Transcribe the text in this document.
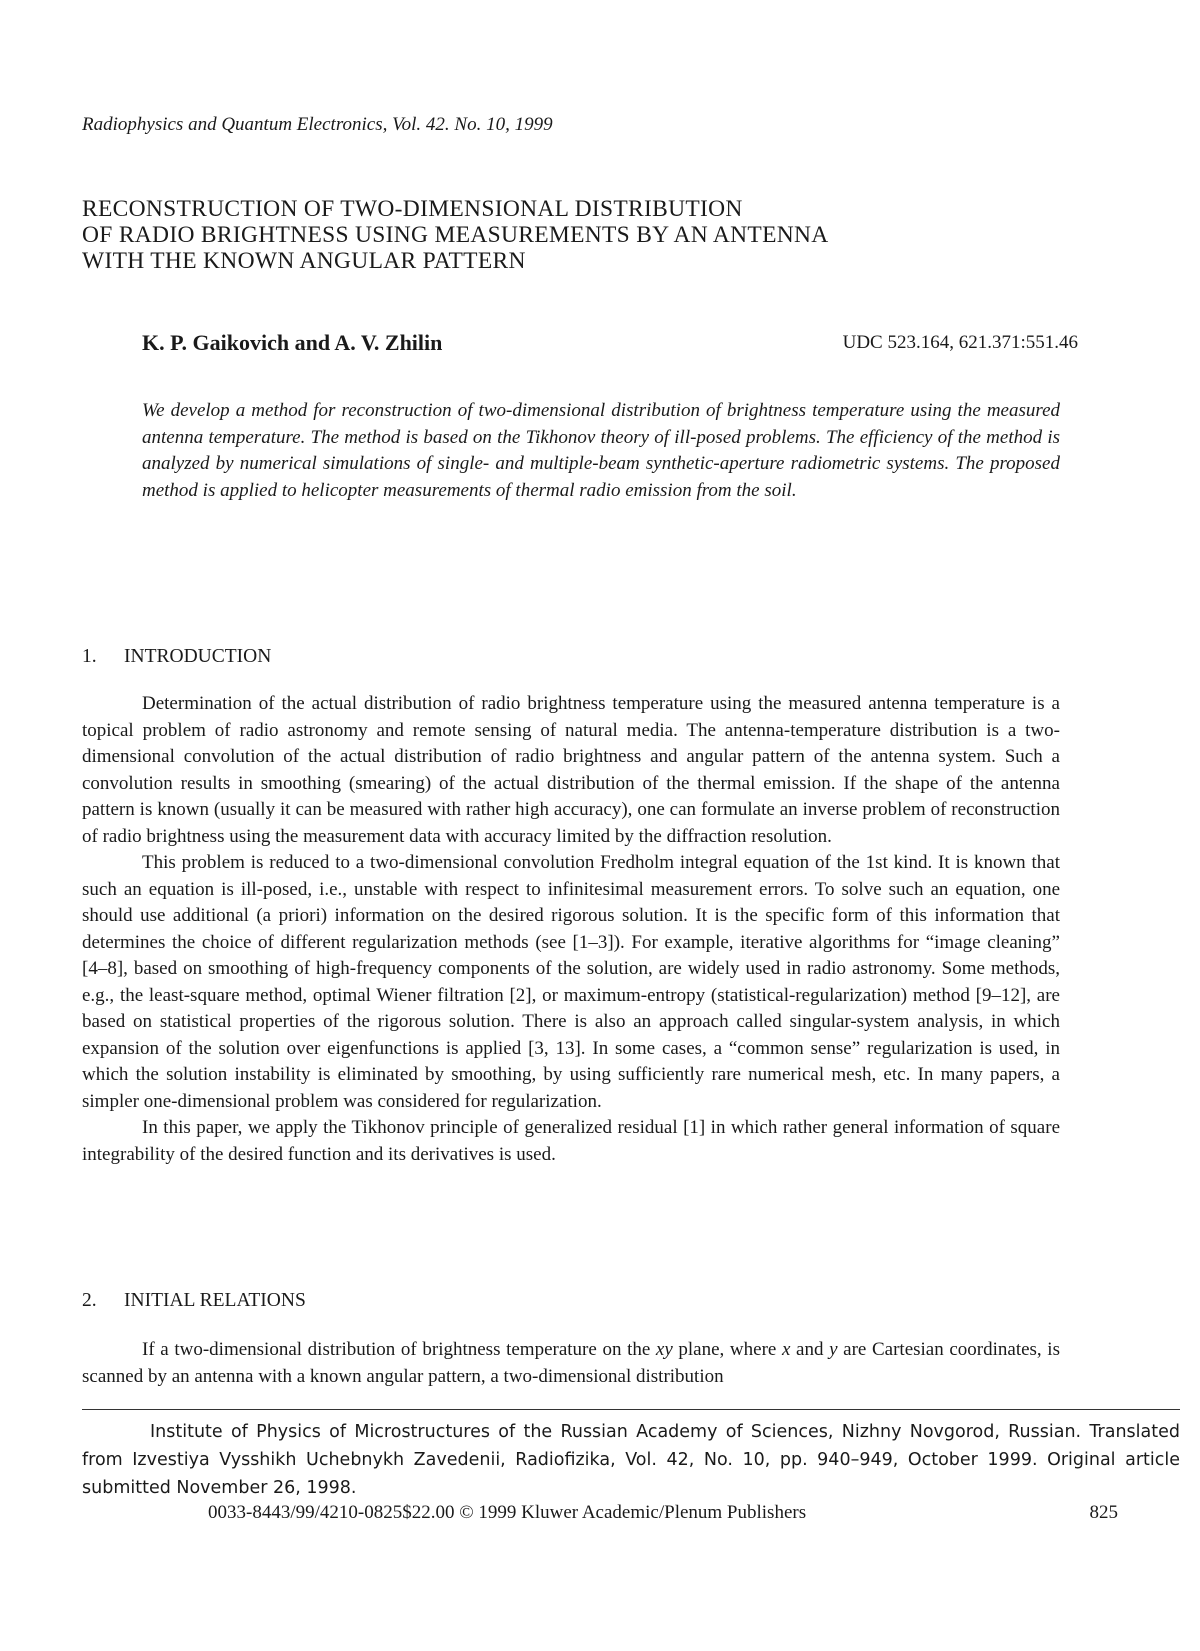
Radiophysics and Quantum Electronics, Vol. 42. No. 10, 1999
RECONSTRUCTION OF TWO-DIMENSIONAL DISTRIBUTION
OF RADIO BRIGHTNESS USING MEASUREMENTS BY AN ANTENNA
WITH THE KNOWN ANGULAR PATTERN
K. P. Gaikovich and A. V. Zhilin	UDC 523.164, 621.371:551.46
We develop a method for reconstruction of two-dimensional distribution of brightness temperature using the measured antenna temperature. The method is based on the Tikhonov theory of ill-posed problems. The efficiency of the method is analyzed by numerical simulations of single- and multiple-beam synthetic-aperture radiometric systems. The proposed method is applied to helicopter measurements of thermal radio emission from the soil.
1. INTRODUCTION

Determination of the actual distribution of radio brightness temperature using the measured antenna temperature is a topical problem of radio astronomy and remote sensing of natural media. The antenna-temperature distribution is a two-dimensional convolution of the actual distribution of radio brightness and angular pattern of the antenna system. Such a convolution results in smoothing (smearing) of the actual distribution of the thermal emission. If the shape of the antenna pattern is known (usually it can be measured with rather high accuracy), one can formulate an inverse problem of reconstruction of radio brightness using the measurement data with accuracy limited by the diffraction resolution.

This problem is reduced to a two-dimensional convolution Fredholm integral equation of the 1st kind. It is known that such an equation is ill-posed, i.e., unstable with respect to infinitesimal measurement errors. To solve such an equation, one should use additional (a priori) information on the desired rigorous solution. It is the specific form of this information that determines the choice of different regularization methods (see [1–3]). For example, iterative algorithms for “image cleaning” [4–8], based on smoothing of high-frequency components of the solution, are widely used in radio astronomy. Some methods, e.g., the least-square method, optimal Wiener filtration [2], or maximum-entropy (statistical-regularization) method [9–12], are based on statistical properties of the rigorous solution. There is also an approach called singular-system analysis, in which expansion of the solution over eigenfunctions is applied [3, 13]. In some cases, a “common sense” regularization is used, in which the solution instability is eliminated by smoothing, by using sufficiently rare numerical mesh, etc. In many papers, a simpler one-dimensional problem was considered for regularization.

In this paper, we apply the Tikhonov principle of generalized residual [1] in which rather general information of square integrability of the desired function and its derivatives is used.

2. INITIAL RELATIONS

If a two-dimensional distribution of brightness temperature on the xy plane, where x and y are Cartesian coordinates, is scanned by an antenna with a known angular pattern, a two-dimensional distribution

Institute of Physics of Microstructures of the Russian Academy of Sciences, Nizhny Novgorod, Russian. Translated from Izvestiya Vysshikh Uchebnykh Zavedenii, Radiofizika, Vol. 42, No. 10, pp. 940–949, October 1999. Original article submitted November 26, 1998.
0033-8443/99/4210-0825$22.00 © 1999 Kluwer Academic/Plenum Publishers	825
